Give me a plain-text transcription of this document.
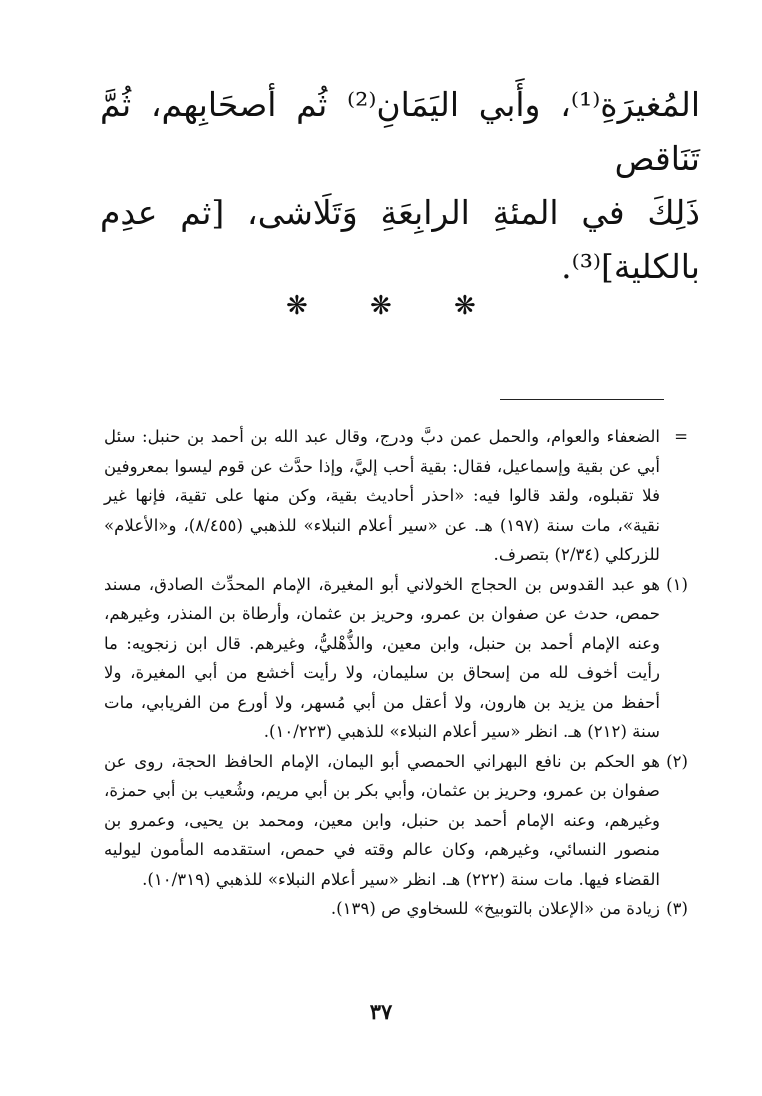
المُغيرَةِ⁽¹⁾، وأَبي اليَمَانِ⁽²⁾ ثُم أصحَابِهم، ثُمَّ تَنَاقص

ذَلِكَ في المئةِ الرابِعَةِ وَتَلَاشى، [ثم عدِم بالكلية]⁽³⁾.

❋ ❋ ❋

=
الضعفاء والعوام، والحمل عمن دبَّ ودرج، وقال عبد الله بن أحمد بن حنبل: سئل أبي عن بقية وإسماعيل، فقال: بقية أحب إليَّ، وإذا حدَّث عن قوم ليسوا بمعروفين فلا تقبلوه، ولقد قالوا فيه: «احذر أحاديث بقية، وكن منها على تقية، فإنها غير نقية»، مات سنة (١٩٧) هـ. عن «سير أعلام النبلاء» للذهبي (٨/٤٥٥)، و«الأعلام» للزركلي (٢/٣٤) بتصرف.

(١)
هو عبد القدوس بن الحجاج الخولاني أبو المغيرة، الإمام المحدِّث الصادق، مسند حمص، حدث عن صفوان بن عمرو، وحريز بن عثمان، وأرطاة بن المنذر، وغيرهم، وعنه الإمام أحمد بن حنبل، وابن معين، والذُّهْليُّ، وغيرهم. قال ابن زنجويه: ما رأيت أخوف لله من إسحاق بن سليمان، ولا رأيت أخشع من أبي المغيرة، ولا أحفظ من يزيد بن هارون، ولا أعقل من أبي مُسهر، ولا أورع من الفريابي، مات سنة (٢١٢) هـ. انظر «سير أعلام النبلاء» للذهبي (١٠/٢٢٣).

(٢)
هو الحكم بن نافع البهراني الحمصي أبو اليمان، الإمام الحافظ الحجة، روى عن صفوان بن عمرو، وحريز بن عثمان، وأبي بكر بن أبي مريم، وشُعيب بن أبي حمزة، وغيرهم، وعنه الإمام أحمد بن حنبل، وابن معين، ومحمد بن يحيى، وعمرو بن منصور النسائي، وغيرهم، وكان عالم وقته في حمص، استقدمه المأمون ليوليه القضاء فيها. مات سنة (٢٢٢) هـ. انظر «سير أعلام النبلاء» للذهبي (١٠/٣١٩).

(٣)
زيادة من «الإعلان بالتوبيخ» للسخاوي ص (١٣٩).

٣٧
